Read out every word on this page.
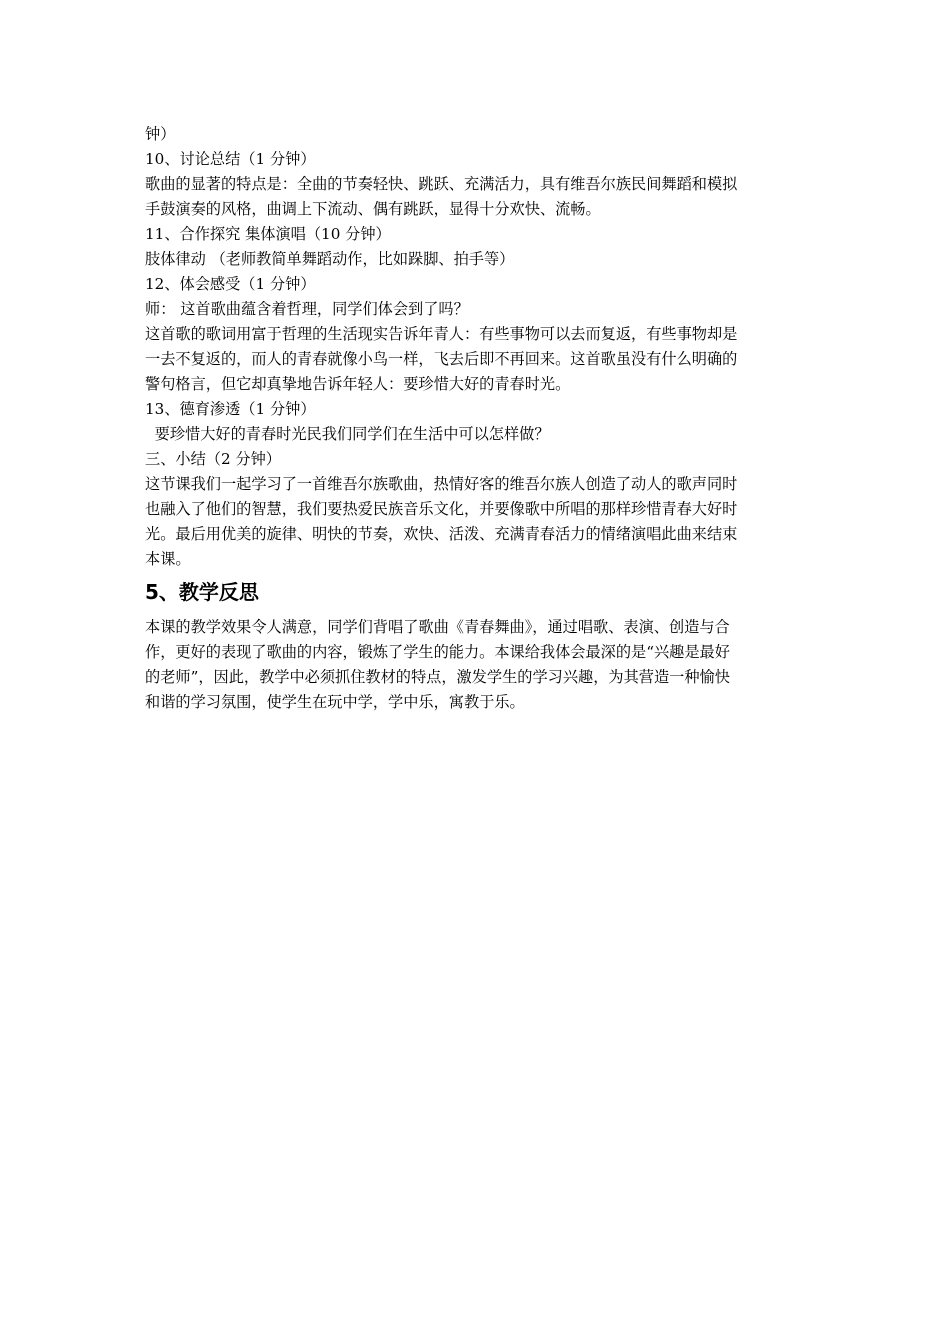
钟）
10、讨论总结（1 分钟）
歌曲的显著的特点是：全曲的节奏轻快、跳跃、充满活力，具有维吾尔族民间舞蹈和模拟
手鼓演奏的风格，曲调上下流动、偶有跳跃，显得十分欢快、流畅。
11、合作探究 集体演唱（10 分钟）
肢体律动 （老师教简单舞蹈动作，比如跺脚、拍手等）
12、体会感受（1 分钟）
师： 这首歌曲蕴含着哲理，同学们体会到了吗？
这首歌的歌词用富于哲理的生活现实告诉年青人：有些事物可以去而复返，有些事物却是
一去不复返的，而人的青春就像小鸟一样，飞去后即不再回来。这首歌虽没有什么明确的
警句格言，但它却真挚地告诉年轻人：要珍惜大好的青春时光。
13、德育渗透（1 分钟）
要珍惜大好的青春时光民我们同学们在生活中可以怎样做？
三、小结（2 分钟）
这节课我们一起学习了一首维吾尔族歌曲，热情好客的维吾尔族人创造了动人的歌声同时
也融入了他们的智慧，我们要热爱民族音乐文化，并要像歌中所唱的那样珍惜青春大好时
光。最后用优美的旋律、明快的节奏，欢快、活泼、充满青春活力的情绪演唱此曲来结束
本课。
5、教学反思
本课的教学效果令人满意，同学们背唱了歌曲《青春舞曲》，通过唱歌、表演、创造与合
作，更好的表现了歌曲的内容，锻炼了学生的能力。本课给我体会最深的是“兴趣是最好
的老师”，因此，教学中必须抓住教材的特点，激发学生的学习兴趣，为其营造一种愉快
和谐的学习氛围，使学生在玩中学，学中乐，寓教于乐。
